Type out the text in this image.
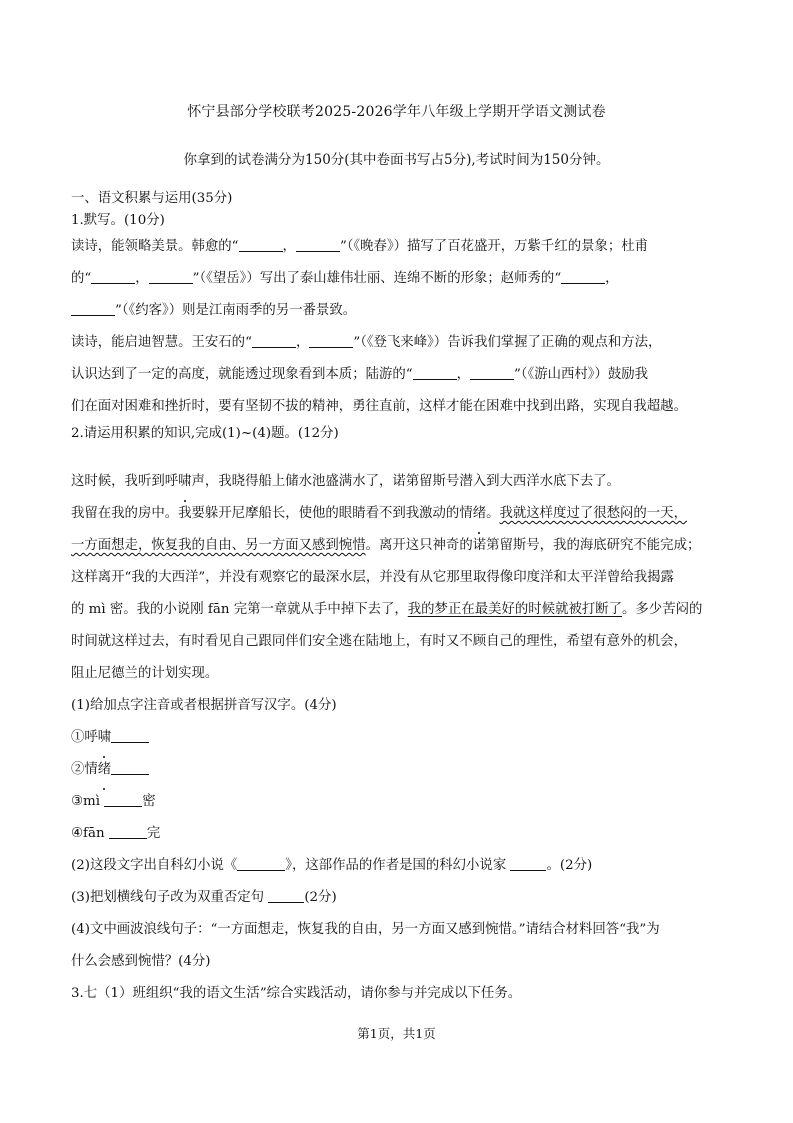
怀宁县部分学校联考2025-2026学年八年级上学期开学语文测试卷
你拿到的试卷满分为150分(其中卷面书写占5分),考试时间为150分钟。

一、语文积累与运用(35分)

1.默写。(10分)

读诗，能领略美景。韩愈的“	，	”（《晚春》）描写了百花盛开，万紫千红的景象；杜甫

的“	，	”（《望岳》）写出了泰山雄伟壮丽、连绵不断的形象；赵师秀的“	，

”（《约客》）则是江南雨季的另一番景致。

读诗，能启迪智慧。王安石的“	，	”（《登飞来峰》）告诉我们掌握了正确的观点和方法，

认识达到了一定的高度，就能透过现象看到本质；陆游的“	，	”（《游山西村》）鼓励我

们在面对困难和挫折时，要有坚韧不拔的精神，勇往直前，这样才能在困难中找到出路，实现自我超越。

2.请运用积累的知识,完成(1)~(4)题。(12分)

这时候，我听到呼啸声，我晓得船上储水池盛满水了，诺第留斯号潜入到大西洋水底下去了。

我留在我的房中。我要躲开尼摩船长，使他的眼睛看不到我激动的情绪。我就这样度过了很愁闷的一天，

一方面想走，恢复我的自由、另一方面又感到惋惜。离开这只神奇的诺第留斯号，我的海底研究不能完成；

这样离开“我的大西洋”，并没有观察它的最深水层，并没有从它那里取得像印度洋和太平洋曾给我揭露

的 mì 密。我的小说刚 fān 完第一章就从手中掉下去了，我的梦正在最美好的时候就被打断了。多少苦闷的

时间就这样过去，有时看见自己跟同伴们安全逃在陆地上，有时又不顾自己的理性，希望有意外的机会，

阻止尼德兰的计划实现。

(1)给加点字注音或者根据拼音写汉字。(4分)

①呼啸

②情绪

③mì	密

④fān	完

(2)这段文字出自科幻小说《	》，这部作品的作者是国的科幻小说家	。(2分)

(3)把划横线句子改为双重否定句	(2分)

(4)文中画波浪线句子：“一方面想走，恢复我的自由，另一方面又感到惋惜。”请结合材料回答“我”为

什么会感到惋惜？(4分)

3.七（1）班组织“我的语文生活”综合实践活动，请你参与并完成以下任务。

第1页，共1页
